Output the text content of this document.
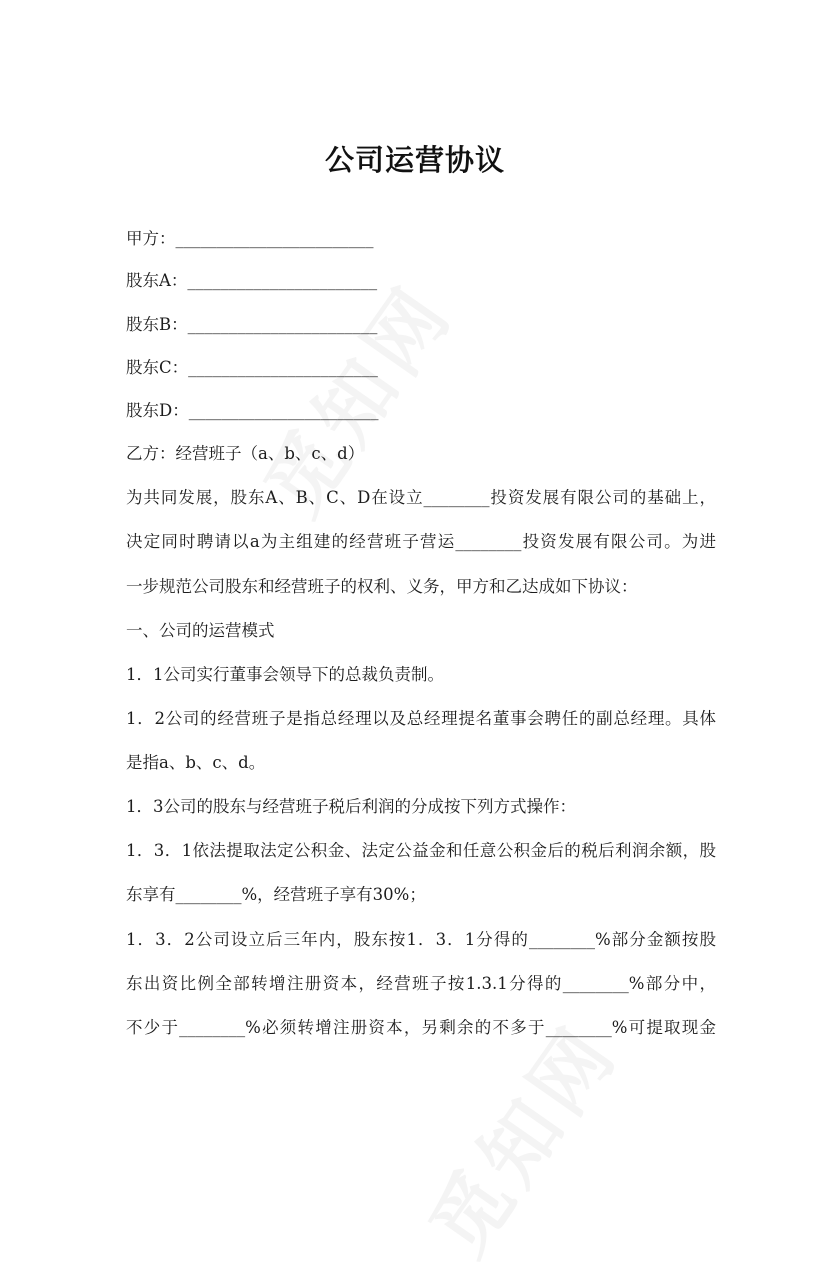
公司运营协议
甲方：________________________
股东A：_______________________
股东B：_______________________
股东C：_______________________
股东D：_______________________
乙方：经营班子（a、b、c、d）
为共同发展，股东A、B、C、D在设立________投资发展有限公司的基础上，
决定同时聘请以a为主组建的经营班子营运________投资发展有限公司。为进
一步规范公司股东和经营班子的权利、义务，甲方和乙达成如下协议：
一、公司的运营模式
1．1公司实行董事会领导下的总裁负责制。
1．2公司的经营班子是指总经理以及总经理提名董事会聘任的副总经理。具体
是指a、b、c、d。
1．3公司的股东与经营班子税后利润的分成按下列方式操作：
1．3．1依法提取法定公积金、法定公益金和任意公积金后的税后利润余额，股
东享有________%，经营班子享有30%；
1．3．2公司设立后三年内，股东按1．3．1分得的________%部分金额按股
东出资比例全部转增注册资本，经营班子按1.3.1分得的________%部分中，
不少于________%必须转增注册资本，另剩余的不多于________%可提取现金
